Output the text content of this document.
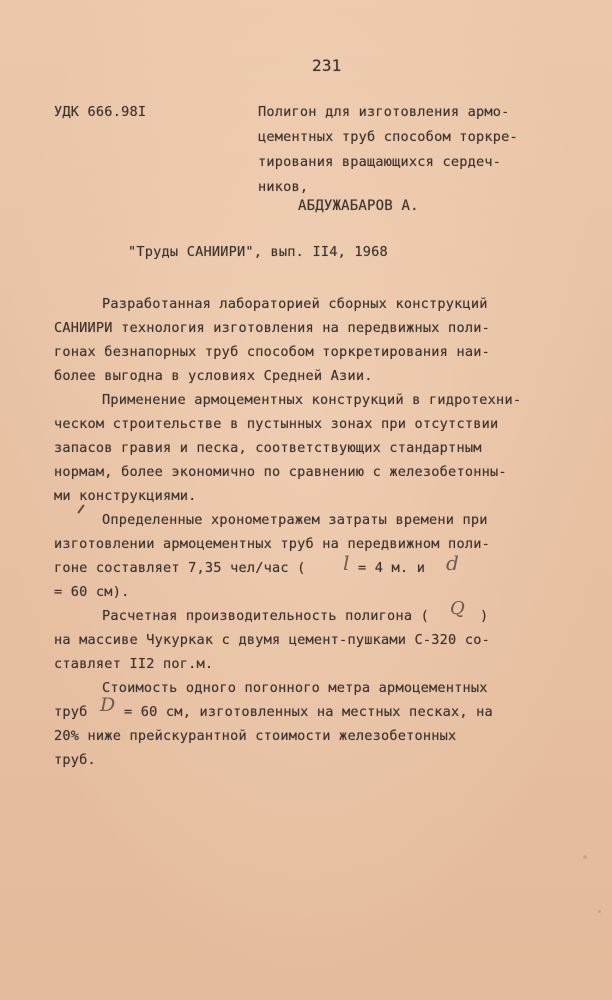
231
УДК 666.98I	Полигон для изготовления армо-
цементных труб способом торкре-
тирования вращающихся сердеч-
ников,
АБДУЖАБАРОВ А.
"Труды САНИИРИ", вып. II4, 1968
Разработанная лабораторией сборных конструкций
САНИИРИ технология изготовления на передвижных поли-
гонах безнапорных труб способом торкретирования наи-
более выгодна в условиях Средней Азии.
Применение армоцементных конструкций в гидротехни-
ческом строительстве в пустынных зонах при отсутствии
запасов гравия и песка, соответствующих стандартным
нормам, более экономично по сравнению с железобетонны-
ми конструкциями.
Определенные хронометражем затраты времени при
изготовлении армоцементных труб на передвижном поли-
гоне составляет 7,35 чел/час ( l = 4 м. и d
= 60 см).
Расчетная производительность полигона ( Q )
на массиве Чукуркак с двумя цемент-пушками С-320 со-
ставляет II2 пог.м.
Стоимость одного погонного метра армоцементных
труб D = 60 см, изготовленных на местных песках, на
20% ниже прейскурантной стоимости железобетонных
труб.
